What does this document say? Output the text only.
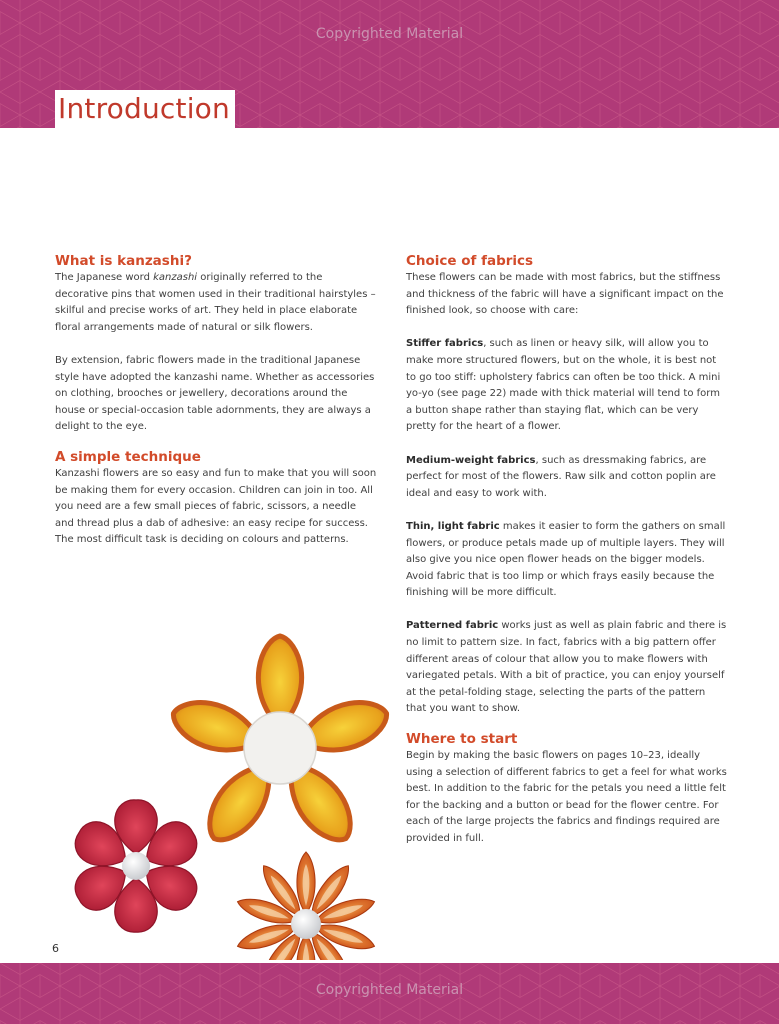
Copyrighted Material
Introduction
What is kanzashi?

The Japanese word kanzashi originally referred to the decorative pins that women used in their traditional hairstyles – skilful and precise works of art. They held in place elaborate floral arrangements made of natural or silk flowers.

By extension, fabric flowers made in the traditional Japanese style have adopted the kanzashi name. Whether as accessories on clothing, brooches or jewellery, decorations around the house or special-occasion table adornments, they are always a delight to the eye.

A simple technique

Kanzashi flowers are so easy and fun to make that you will soon be making them for every occasion. Children can join in too. All you need are a few small pieces of fabric, scissors, a needle and thread plus a dab of adhesive: an easy recipe for success. The most difficult task is deciding on colours and patterns.

Choice of fabrics

These flowers can be made with most fabrics, but the stiffness and thickness of the fabric will have a significant impact on the finished look, so choose with care:

Stiffer fabrics, such as linen or heavy silk, will allow you to make more structured flowers, but on the whole, it is best not to go too stiff: upholstery fabrics can often be too thick. A mini yo-yo (see page 22) made with thick material will tend to form a button shape rather than staying flat, which can be very pretty for the heart of a flower.

Medium-weight fabrics, such as dressmaking fabrics, are perfect for most of the flowers. Raw silk and cotton poplin are ideal and easy to work with.

Thin, light fabric makes it easier to form the gathers on small flowers, or produce petals made up of multiple layers. They will also give you nice open flower heads on the bigger models. Avoid fabric that is too limp or which frays easily because the finishing will be more difficult.

Patterned fabric works just as well as plain fabric and there is no limit to pattern size. In fact, fabrics with a big pattern offer different areas of colour that allow you to make flowers with variegated petals. With a bit of practice, you can enjoy yourself at the petal-folding stage, selecting the parts of the pattern that you want to show.

Where to start

Begin by making the basic flowers on pages 10–23, ideally using a selection of different fabrics to get a feel for what works best. In addition to the fabric for the petals you need a little felt for the backing and a button or bead for the flower centre. For each of the large projects the fabrics and findings required are provided in full.

6
Copyrighted Material
